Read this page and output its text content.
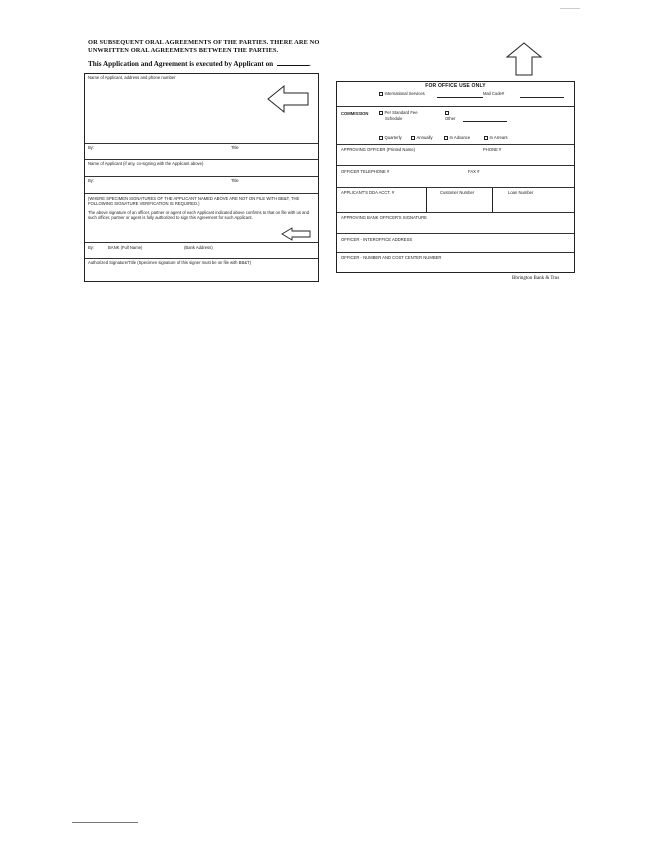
OR SUBSEQUENT ORAL AGREEMENTS OF THE PARTIES. THERE ARE NO UNWRITTEN ORAL AGREEMENTS BETWEEN THE PARTIES.
This Application and Agreement is executed by Applicant on	.
Name of Applicant, address and phone number
By:	Title
Name of Applicant (if any, co-signing with the Applicant above)
By:	Title
(WHERE SPECIMEN SIGNATURES OF THE APPLICANT NAMED ABOVE ARE NOT ON FILE WITH BB&T, THE FOLLOWING SIGNATURE VERIFICATION IS REQUIRED.)
The above signature of an officer, partner or agent of each Applicant indicated above confirms to that on file with us and such officer, partner or agent is fully authorized to sign this Agreement for such Applicant.
By:	BANK (Full Name)	(Bank Address)
Authorized Signature/Title (Specimen signature of this signer must be on file with BB&T)
FOR OFFICE USE ONLY
International Services	Mail Code#
COMMISSION	Per Standard Fee
Schedule	Other
Quarterly	Annually	In Advance	In Arrears
APPROVING OFFICER (Printed Name)	PHONE #
OFFICER TELEPHONE #	FAX #
APPLICANT'S DDA ACCT. #	Customer Number	Loan Number
APPROVING BANK OFFICER'S SIGNATURE
OFFICER - INTEROFFICE ADDRESS
OFFICER - NUMBER AND COST CENTER NUMBER
Bbrington Bank & Trus
